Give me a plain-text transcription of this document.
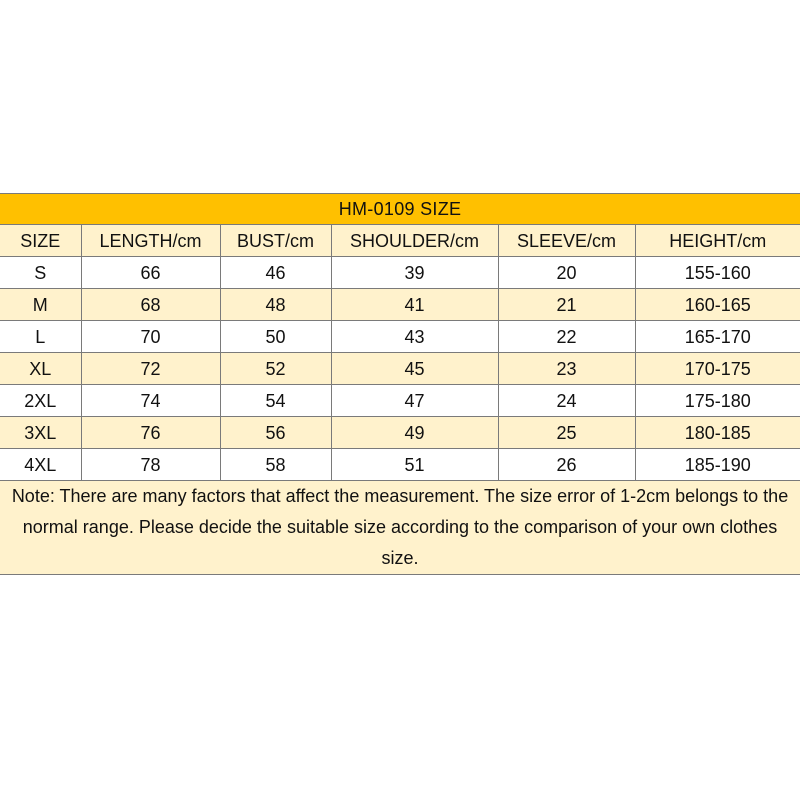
HM-0109 SIZE					
SIZE	LENGTH/cm	BUST/cm	SHOULDER/cm	SLEEVE/cm	HEIGHT/cm
S	66	46	39	20	155-160
M	68	48	41	21	160-165
L	70	50	43	22	165-170
XL	72	52	45	23	170-175
2XL	74	54	47	24	175-180
3XL	76	56	49	25	180-185
4XL	78	58	51	26	185-190
Note: There are many factors that affect the measurement. The size error of 1-2cm belongs to the normal range. Please decide the suitable size according to the comparison of your own clothes size.					
